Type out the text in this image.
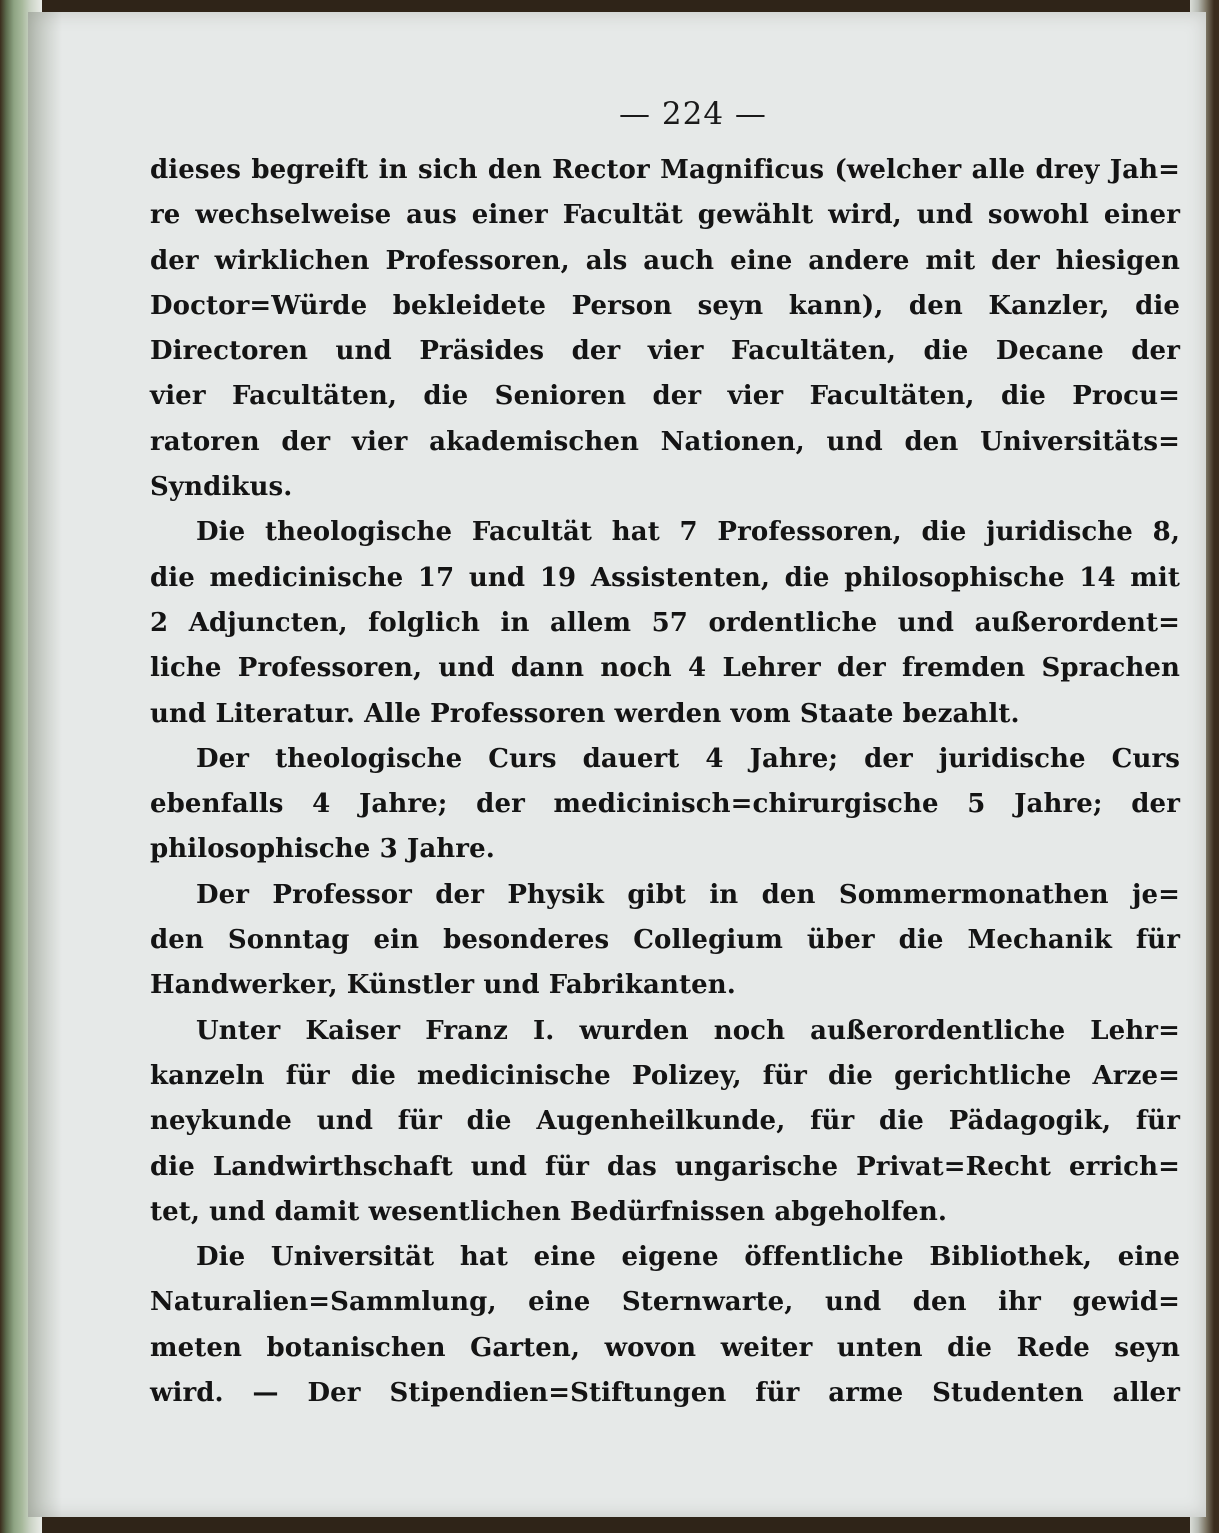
— 224 —
dieses begreift in sich den Rector Magnificus (welcher alle drey Jah=
re wechselweise aus einer Facultät gewählt wird, und sowohl einer
der wirklichen Professoren, als auch eine andere mit der hiesigen
Doctor=Würde bekleidete Person seyn kann), den Kanzler, die
Directoren und Präsides der vier Facultäten, die Decane der
vier Facultäten, die Senioren der vier Facultäten, die Procu=
ratoren der vier akademischen Nationen, und den Universitäts=
Syndikus.
Die theologische Facultät hat 7 Professoren, die juridische 8,
die medicinische 17 und 19 Assistenten, die philosophische 14 mit
2 Adjuncten, folglich in allem 57 ordentliche und außerordent=
liche Professoren, und dann noch 4 Lehrer der fremden Sprachen
und Literatur. Alle Professoren werden vom Staate bezahlt.
Der theologische Curs dauert 4 Jahre; der juridische Curs
ebenfalls 4 Jahre; der medicinisch=chirurgische 5 Jahre; der
philosophische 3 Jahre.
Der Professor der Physik gibt in den Sommermonathen je=
den Sonntag ein besonderes Collegium über die Mechanik für
Handwerker, Künstler und Fabrikanten.
Unter Kaiser Franz I. wurden noch außerordentliche Lehr=
kanzeln für die medicinische Polizey, für die gerichtliche Arze=
neykunde und für die Augenheilkunde, für die Pädagogik, für
die Landwirthschaft und für das ungarische Privat=Recht errich=
tet, und damit wesentlichen Bedürfnissen abgeholfen.
Die Universität hat eine eigene öffentliche Bibliothek, eine
Naturalien=Sammlung, eine Sternwarte, und den ihr gewid=
meten botanischen Garten, wovon weiter unten die Rede seyn
wird. — Der Stipendien=Stiftungen für arme Studenten aller
